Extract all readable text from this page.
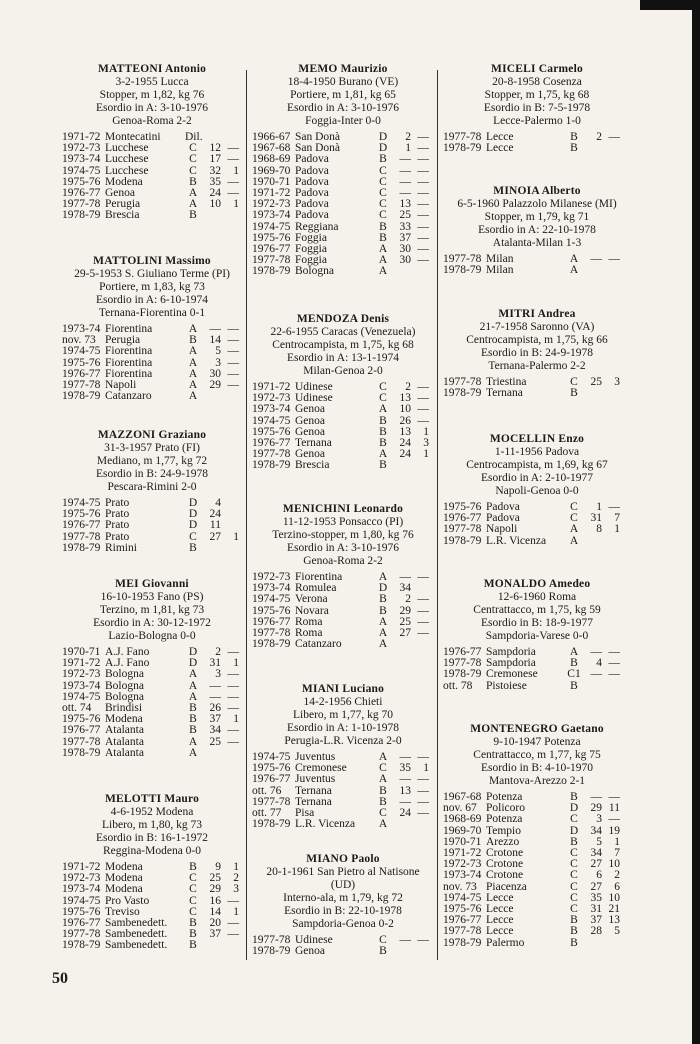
MATTEONI Antonio
3-2-1955 Lucca
Stopper, m 1,82, kg 76
Esordio in A: 3-10-1976
Genoa-Roma 2-2
1971-72 Montecatini	Dil.
1972-73 Lucchese	C	12 —
1973-74 Lucchese	C	17 —
1974-75 Lucchese	C	32	1
1975-76 Modena	B	35 —
1976-77 Genoa	A	24 —
1977-78 Perugia	A	10	1
1978-79 Brescia	B
MATTOLINI Massimo
29-5-1953 S. Giuliano Terme (PI)
Portiere, m 1,83, kg 73
Esordio in A: 6-10-1974
Ternana-Fiorentina 0-1
1973-74 Fiorentina	A	— —
nov. 73 Perugia	B	14 —
1974-75 Fiorentina	A	5 —
1975-76 Fiorentina	A	3 —
1976-77 Fiorentina	A	30 —
1977-78 Napoli	A	29 —
1978-79 Catanzaro	A
MAZZONI Graziano
31-3-1957 Prato (FI)
Mediano, m 1,77, kg 72
Esordio in B: 24-9-1978
Pescara-Rimini 2-0
1974-75 Prato	D	4
1975-76 Prato	D	24
1976-77 Prato	D	11
1977-78 Prato	C	27	1
1978-79 Rimini	B
MEI Giovanni
16-10-1953 Fano (PS)
Terzino, m 1,81, kg 73
Esordio in A: 30-12-1972
Lazio-Bologna 0-0
1970-71 A.J. Fano	D	2 —
1971-72 A.J. Fano	D	31	1
1972-73 Bologna	A	3 —
1973-74 Bologna	A	— —
1974-75 Bologna	A	— —
ott. 74	Brindisi	B	26 —
1975-76 Modena	B	37	1
1976-77 Atalanta	B	34 —
1977-78 Atalanta	A	25 —
1978-79 Atalanta	A
MELOTTI Mauro
4-6-1952 Modena
Libero, m 1,80, kg 73
Esordio in B: 16-1-1972
Reggina-Modena 0-0
1971-72 Modena	B	9	1
1972-73 Modena	C	25	2
1973-74 Modena	C	29	3
1974-75 Pro Vasto	C	16 —
1975-76 Treviso	C	14	1
1976-77 Sambenedett.	B	20 —
1977-78 Sambenedett.	B	37 —
1978-79 Sambenedett.	B
MEMO Maurizio
18-4-1950 Burano (VE)
Portiere, m 1,81, kg 65
Esordio in A: 3-10-1976
Foggia-Inter 0-0
1966-67 San Donà	D	2 —
1967-68 San Donà	D	1 —
1968-69 Padova	B	— —
1969-70 Padova	C	— —
1970-71 Padova	C	— —
1971-72 Padova	C	— —
1972-73 Padova	C	13 —
1973-74 Padova	C	25 —
1974-75 Reggiana	B	33 —
1975-76 Foggia	B	37 —
1976-77 Foggia	A	30 —
1977-78 Foggia	A	30 —
1978-79 Bologna	A
MENDOZA Denis
22-6-1955 Caracas (Venezuela)
Centrocampista, m 1,75, kg 68
Esordio in A: 13-1-1974
Milan-Genoa 2-0
1971-72 Udinese	C	2 —
1972-73 Udinese	C	13 —
1973-74 Genoa	A	10 —
1974-75 Genoa	B	26 —
1975-76 Genoa	B	13	1
1976-77 Ternana	B	24	3
1977-78 Genoa	A	24	1
1978-79 Brescia	B
MENICHINI Leonardo
11-12-1953 Ponsacco (PI)
Terzino-stopper, m 1,80, kg 76
Esordio in A: 3-10-1976
Genoa-Roma 2-2
1972-73 Fiorentina	A	— —
1973-74 Romulea	D	34
1974-75 Verona	B	2 —
1975-76 Novara	B	29 —
1976-77 Roma	A	25 —
1977-78 Roma	A	27 —
1978-79 Catanzaro	A
MIANI Luciano
14-2-1956 Chieti
Libero, m 1,77, kg 70
Esordio in A: 1-10-1978
Perugia-L.R. Vicenza 2-0
1974-75 Juventus	A	— —
1975-76 Cremonese	C	35	1
1976-77 Juventus	A	— —
ott. 76	Ternana	B	13 —
1977-78 Ternana	B	— —
ott. 77	Pisa	C	24 —
1978-79 L.R. Vicenza	A
MIANO Paolo
20-1-1961 San Pietro al Natisone
(UD)
Interno-ala, m 1,79, kg 72
Esordio in B: 22-10-1978
Sampdoria-Genoa 0-2
1977-78 Udinese	C	— —
1978-79 Genoa	B
MICELI Carmelo
20-8-1958 Cosenza
Stopper, m 1,75, kg 68
Esordio in B: 7-5-1978
Lecce-Palermo 1-0
1977-78 Lecce	B	2 —
1978-79 Lecce	B
MINOIA Alberto
6-5-1960 Palazzolo Milanese (MI)
Stopper, m 1,79, kg 71
Esordio in A: 22-10-1978
Atalanta-Milan 1-3
1977-78 Milan	A	— —
1978-79 Milan	A
MITRI Andrea
21-7-1958 Saronno (VA)
Centrocampista, m 1,75, kg 66
Esordio in B: 24-9-1978
Ternana-Palermo 2-2
1977-78 Triestina	C	25	3
1978-79 Ternana	B
MOCELLIN Enzo
1-11-1956 Padova
Centrocampista, m 1,69, kg 67
Esordio in A: 2-10-1977
Napoli-Genoa 0-0
1975-76 Padova	C	1 —
1976-77 Padova	C	31	7
1977-78 Napoli	A	8	1
1978-79 L.R. Vicenza	A
MONALDO Amedeo
12-6-1960 Roma
Centrattacco, m 1,75, kg 59
Esordio in B: 18-9-1977
Sampdoria-Varese 0-0
1976-77 Sampdoria	A	— —
1977-78 Sampdoria	B	4 —
1978-79 Cremonese	C1 — —
ott. 78	Pistoiese	B
MONTENEGRO Gaetano
9-10-1947 Potenza
Centrattacco, m 1,77, kg 75
Esordio in B: 4-10-1970
Mantova-Arezzo 2-1
1967-68 Potenza	B	— —
nov. 67 Policoro	D	29 11
1968-69 Potenza	C	3 —
1969-70 Tempio	D	34 19
1970-71 Arezzo	B	5	1
1971-72 Crotone	C	34	7
1972-73 Crotone	C	27 10
1973-74 Crotone	C	6	2
nov. 73 Piacenza	C	27	6
1974-75 Lecce	C	35 10
1975-76 Lecce	C	31 21
1976-77 Lecce	B	37 13
1977-78 Lecce	B	28	5
1978-79 Palermo	B
50
